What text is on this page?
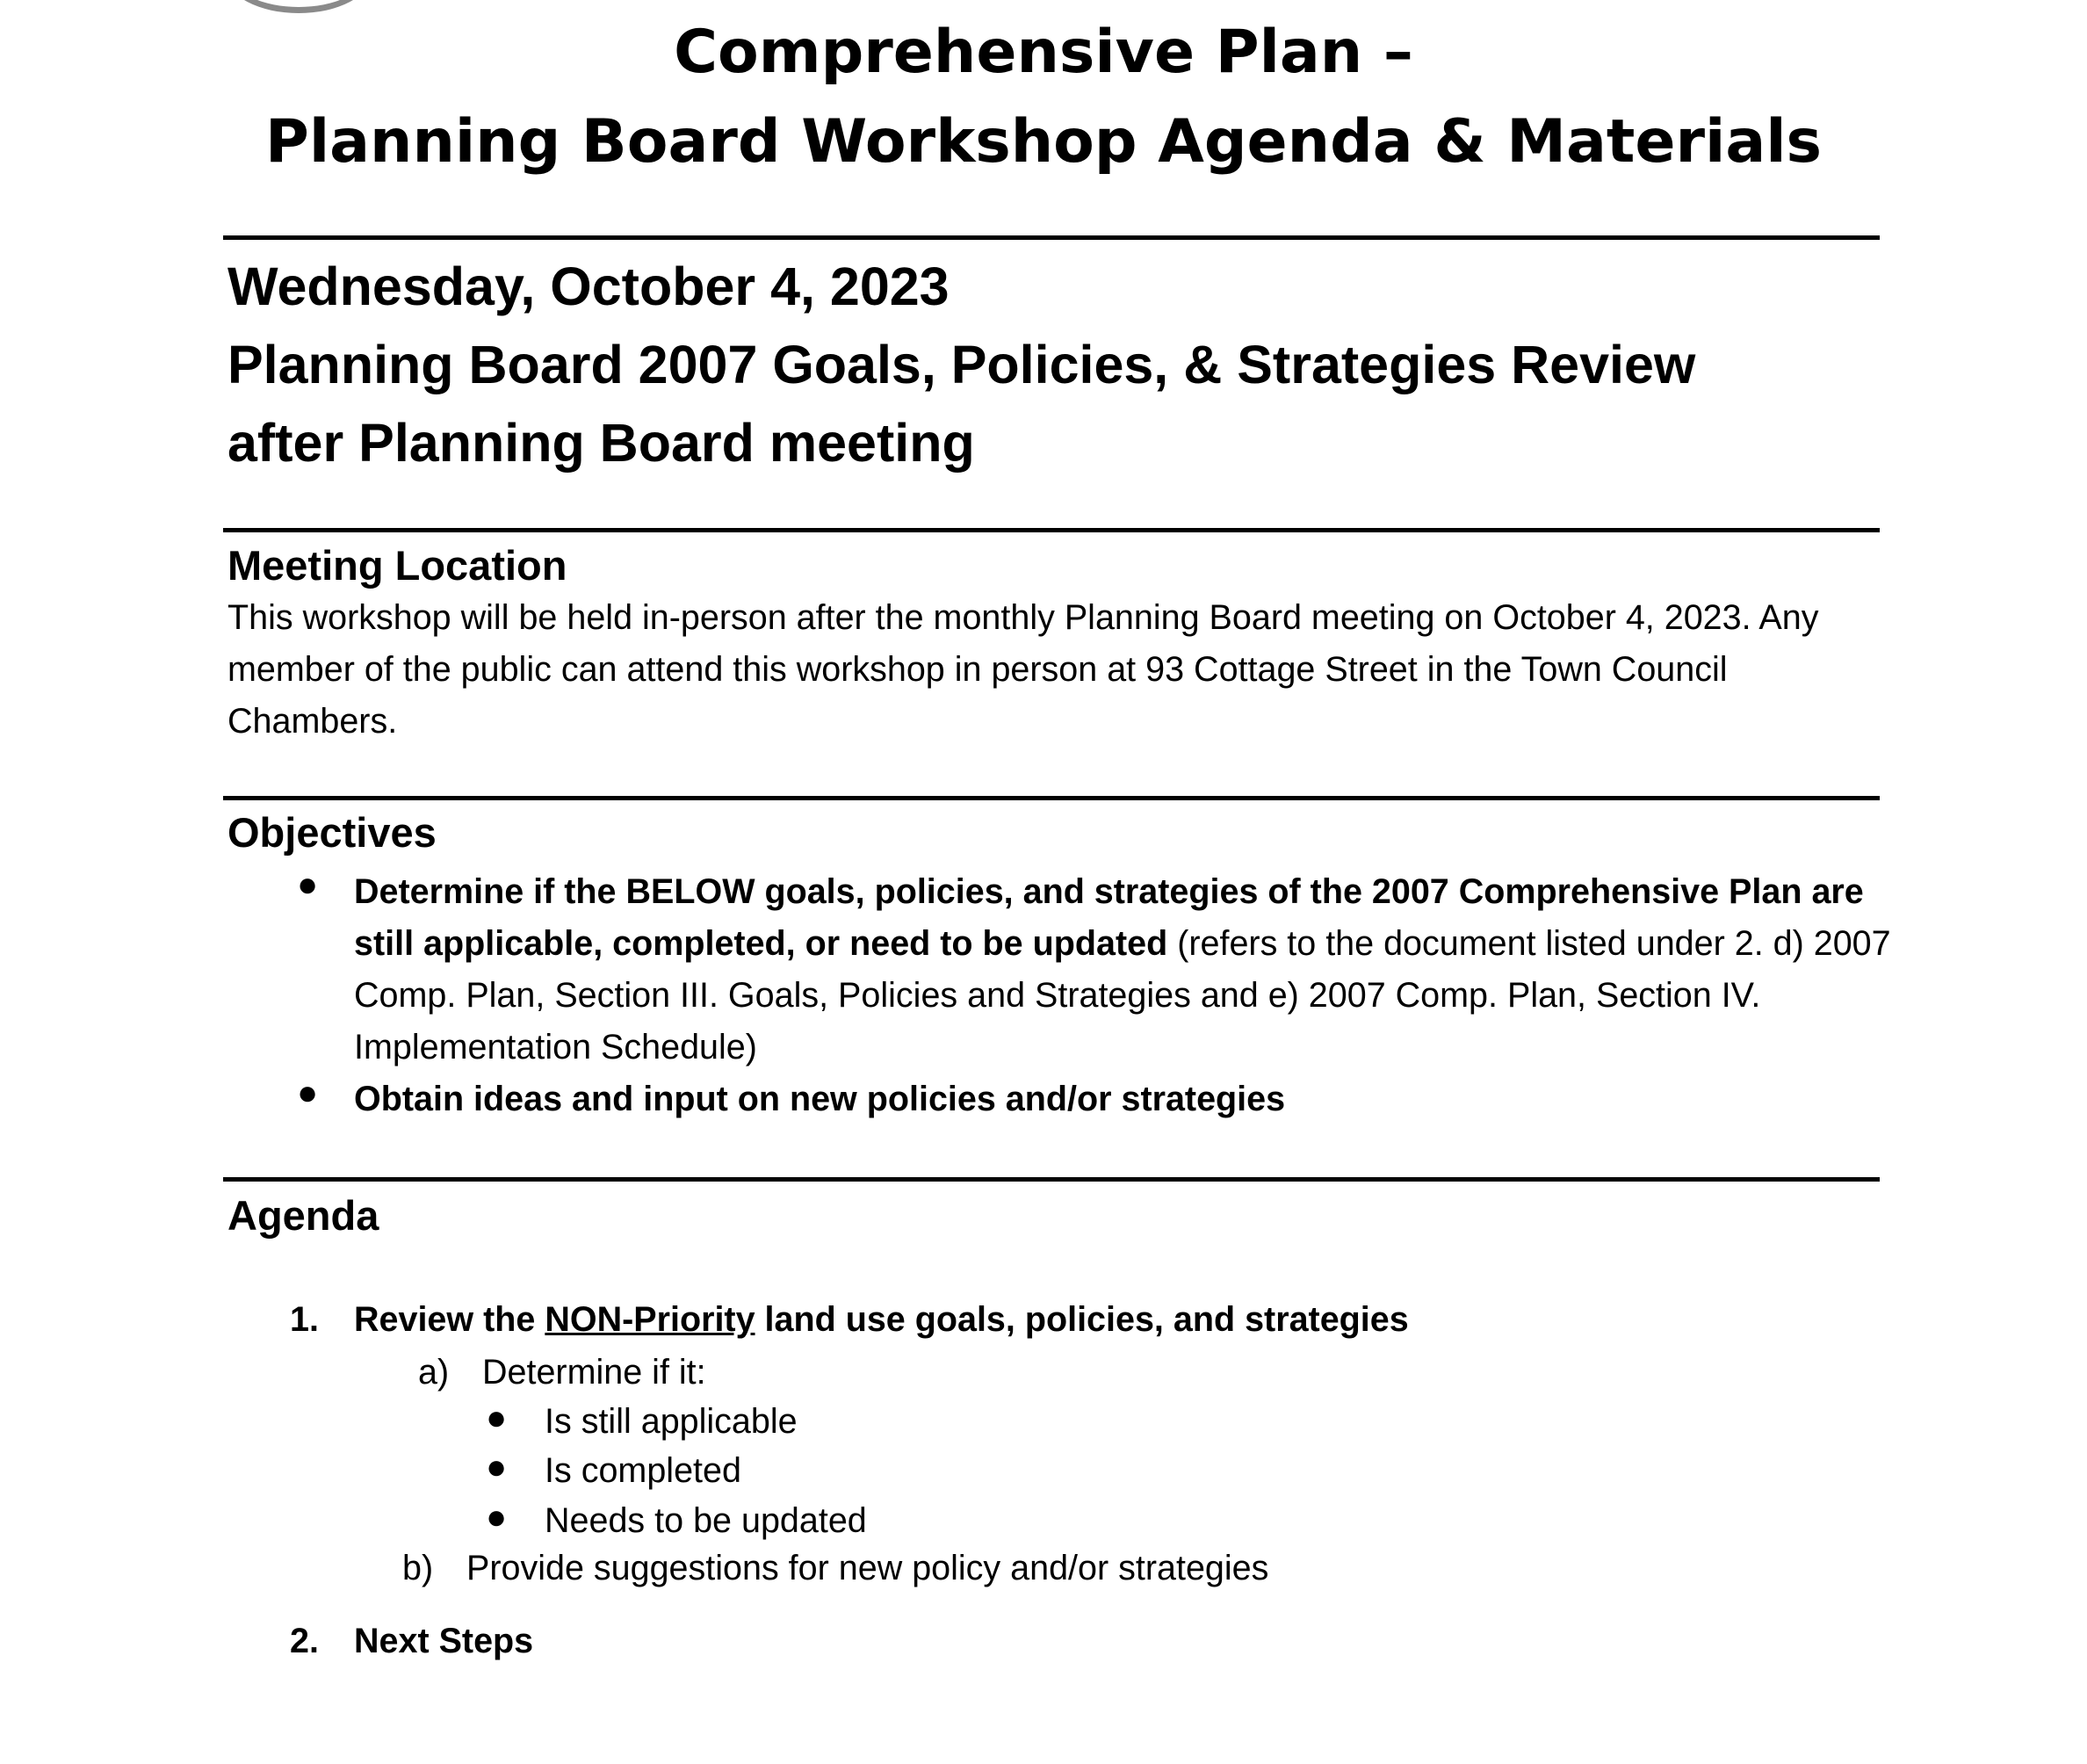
Comprehensive Plan –
Planning Board Workshop Agenda & Materials
Wednesday, October 4, 2023
Planning Board 2007 Goals, Policies, & Strategies Review
after Planning Board meeting
Meeting Location

This workshop will be held in-person after the monthly Planning Board meeting on October 4, 2023. Any member of the public can attend this workshop in person at 93 Cottage Street in the Town Council Chambers.

Objectives
● Determine if the BELOW goals, policies, and strategies of the 2007 Comprehensive Plan are still applicable, completed, or need to be updated (refers to the document listed under 2. d) 2007 Comp. Plan, Section III. Goals, Policies and Strategies and e) 2007 Comp. Plan, Section IV. Implementation Schedule)

● Obtain ideas and input on new policies and/or strategies

Agenda

1. Review the NON-Priority land use goals, policies, and strategies

a) Determine if it:

● Is still applicable

● Is completed

● Needs to be updated

b) Provide suggestions for new policy and/or strategies

2. Next Steps
